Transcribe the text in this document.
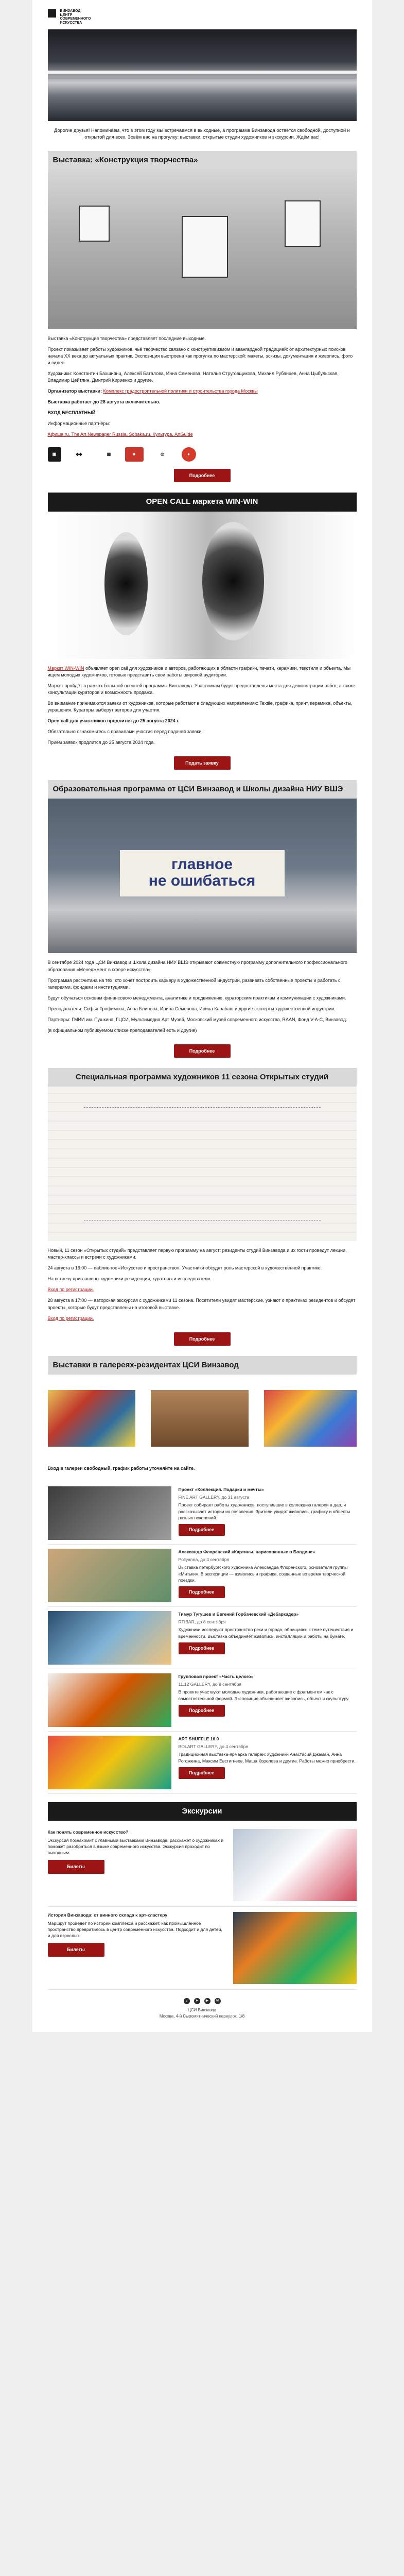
ВИНЗАВОД
ЦЕНТР
СОВРЕМЕННОГО
ИСКУССТВА
Дорогие друзья! Напоминаем, что в этом году мы встречаемся в выходные, а программа Винзавода остаётся свободной, доступной и открытой для всех. Зовём вас на прогулку: выставки, открытые студии художников и экскурсии. Ждём вас!
Выставка: «Конструкция творчества»

Выставка «Конструкция творчества» представляет последние выходные.

Проект показывает работы художников, чьё творчество связано с конструктивизмом и авангардной традицией: от архитектурных поисков начала XX века до актуальных практик. Экспозиция выстроена как прогулка по мастерской: макеты, эскизы, документация и живопись, фото и видео.

Художники: Константин Бахшиянц, Алексей Баталова, Инна Семенова, Наталья Струговщикова, Михаил Рубанцев, Анна Цыбульская, Владимир Цейтлин, Дмитрий Кириенко и другие.

Организатор выставки: Комплекс градостроительной политики и строительства города Москвы

Выставка работает до 28 августа включительно.

ВХОД БЕСПЛАТНЫЙ

Информационные партнёры:

Афиша.ru, The Art Newspaper Russia, Sobaka.ru, Культура, ArtGuide

▣	◆◆	▦	■	◎	●
Подробнее
OPEN CALL маркета WIN-WIN

Маркет WIN-WIN объявляет open call для художников и авторов, работающих в области графики, печати, керамики, текстиля и объекта. Мы ищем молодых художников, готовых представить свои работы широкой аудитории.

Маркет пройдёт в рамках большой осенней программы Винзавода. Участникам будут предоставлены места для демонстрации работ, а также консультации кураторов и возможность продажи.

Во внимание принимаются заявки от художников, которые работают в следующих направлениях: Textile, графика, принт, керамика, объекты, украшения. Кураторы выберут авторов для участия.

Open call для участников продлится до 25 августа 2024 г.

Обязательно ознакомьтесь с правилами участия перед подачей заявки.

Приём заявок продлится до 25 августа 2024 года.

Подать заявку
Образовательная программа от ЦСИ Винзавод и Школы дизайна НИУ ВШЭ
главное
не ошибаться

В сентябре 2024 года ЦСИ Винзавод и Школа дизайна НИУ ВШЭ открывают совместную программу дополнительного профессионального образования «Менеджмент в сфере искусства».

Программа рассчитана на тех, кто хочет построить карьеру в художественной индустрии, развивать собственные проекты и работать с галереями, фондами и институциями.

Будут обучаться основам финансового менеджмента, аналитике и продвижению, кураторским практикам и коммуникации с художниками.

Преподаватели: Софья Трофимова, Анна Блинова, Ирина Семенова, Ирина Карабаш и другие эксперты художественной индустрии.

Партнеры: ГМИИ им. Пушкина, ГЦСИ, Мультимедиа Арт Музей, Московский музей современного искусства, RAAN, Фонд V-A-C, Винзавод.

(в официальном публикуемом списке преподавателей есть и другие)

Подробнее
Специальная программа художников 11 сезона Открытых студий

Новый, 11 сезон «Открытых студий» представляет первую программу на август: резиденты студий Винзавода и их гости проведут лекции, мастер-классы и встречи с художниками.

24 августа в 16:00 — паблик-ток «Искусство и пространство». Участники обсудят роль мастерской в художественной практике.

На встречу приглашены художники резиденции, кураторы и исследователи.

Вход по регистрации.

28 августа в 17:00 — авторская экскурсия с художниками 11 сезона. Посетители увидят мастерские, узнают о практиках резидентов и обсудят проекты, которые будут представлены на итоговой выставке.

Вход по регистрации.

Подробнее
Выставки в галереях-резидентах ЦСИ Винзавод

Вход в галереи свободный, график работы уточняйте на сайте.

Проект «Коллекция. Подарки и мечты»
FINE ART GALLERY, до 31 августа
Проект собирает работы художников, поступившие в коллекцию галереи в дар, и рассказывает истории их появления. Зрители увидят живопись, графику и объекты разных поколений.
Подробнее
Александр Флоренский «Картины, нарисованные в Болдине»
Pollyanna, до 4 сентября
Выставка петербургского художника Александра Флоренского, основателя группы «Митьки». В экспозиции — живопись и графика, созданные во время творческой поездки.
Подробнее
Тимур Тугушев и Евгений Горбачевский «Дебаркадер»
RTIBAR, до 8 сентября
Художники исследуют пространство реки и города, обращаясь к теме путешествия и временности. Выставка объединяет живопись, инсталляции и работы на бумаге.
Подробнее
Групповой проект «Часть целого»
11.12 GALLERY, до 8 сентября
В проекте участвуют молодые художники, работающие с фрагментом как с самостоятельной формой. Экспозиция объединяет живопись, объект и скульптуру.
Подробнее
ART SHUFFLE 16.0
BOLART GALLERY, до 4 сентября
Традиционная выставка-ярмарка галереи: художники Анастасия Джаман, Анна Рогожкина, Максим Евстигнеев, Маша Королева и другие. Работы можно приобрести.
Подробнее
Экскурсии
Как понять современное искусство?
Экскурсия познакомит с главными выставками Винзавода, расскажет о художниках и поможет разобраться в языке современного искусства. Экскурсия проходит по выходным.
Билеты
История Винзавода: от винного склада к арт-кластеру
Маршрут проведёт по истории комплекса и расскажет, как промышленное пространство превратилось в центр современного искусства. Подходит и для детей, и для взрослых.
Билеты
v	➤	▶	✉
ЦСИ Винзавод
Москва, 4-й Сыромятнический переулок, 1/8
